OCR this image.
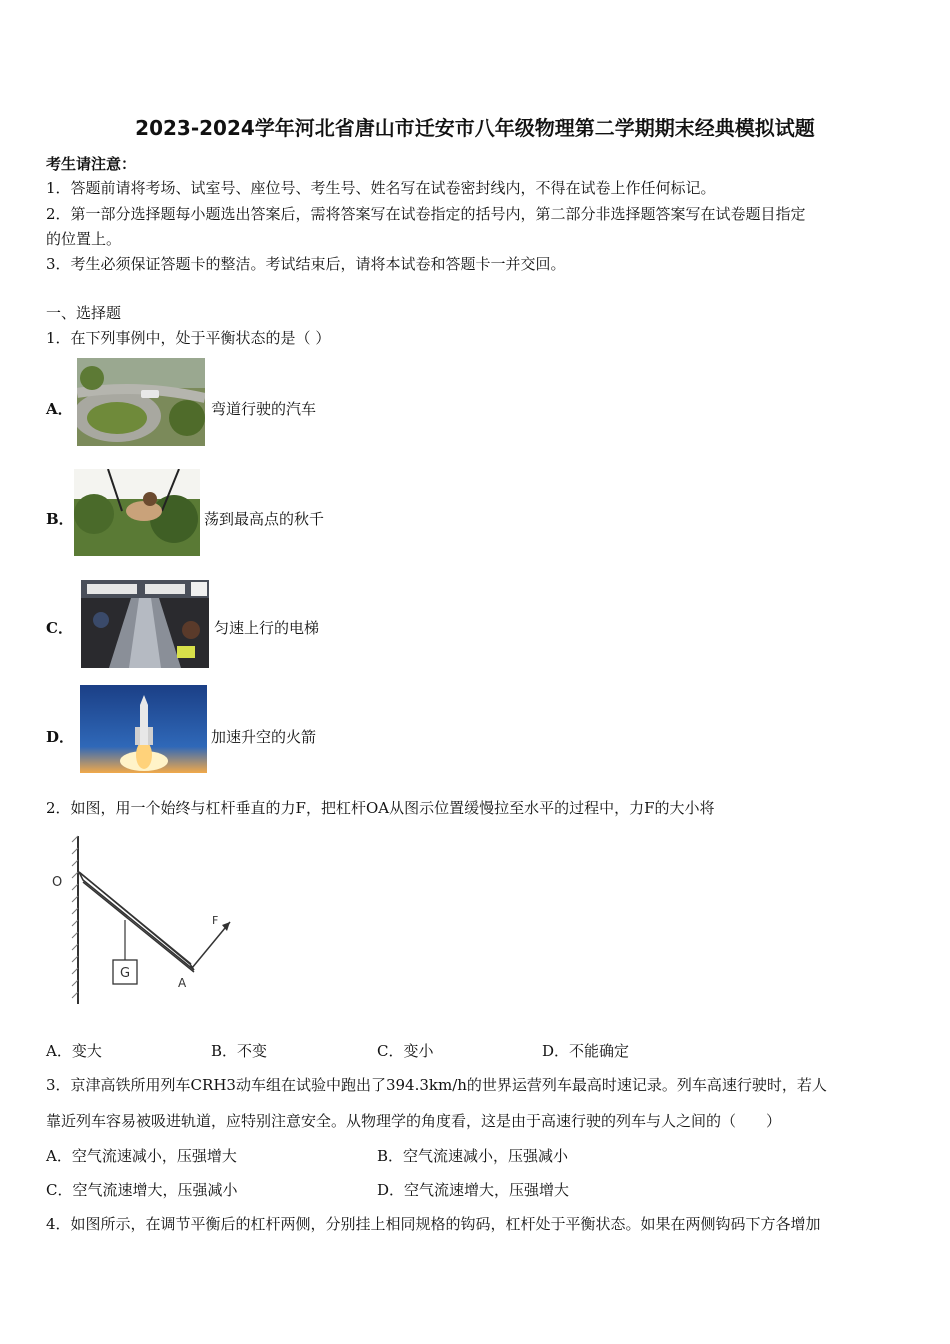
2023-2024学年河北省唐山市迁安市八年级物理第二学期期末经典模拟试题
考生请注意：
1．答题前请将考场、试室号、座位号、考生号、姓名写在试卷密封线内，不得在试卷上作任何标记。
2．第一部分选择题每小题选出答案后，需将答案写在试卷指定的括号内，第二部分非选择题答案写在试卷题目指定
的位置上。
3．考生必须保证答题卡的整洁。考试结束后，请将本试卷和答题卡一并交回。
一、选择题
1．在下列事例中，处于平衡状态的是（ ）
A．	弯道行驶的汽车
B．	荡到最高点的秋千
C．	匀速上行的电梯
D．	加速升空的火箭
2．如图，用一个始终与杠杆垂直的力F，把杠杆OA从图示位置缓慢拉至水平的过程中，力F的大小将
O
F
G
A
A．变大	B．不变	C．变小	D．不能确定
3．京津高铁所用列车CRH3动车组在试验中跑出了394.3km/h的世界运营列车最高时速记录。列车高速行驶时，若人
靠近列车容易被吸进轨道，应特别注意安全。从物理学的角度看，这是由于高速行驶的列车与人之间的（　　）
A．空气流速减小，压强增大	B．空气流速减小，压强减小
C．空气流速增大，压强减小	D．空气流速增大，压强增大
4．如图所示，在调节平衡后的杠杆两侧，分别挂上相同规格的钩码，杠杆处于平衡状态。如果在两侧钩码下方各增加
